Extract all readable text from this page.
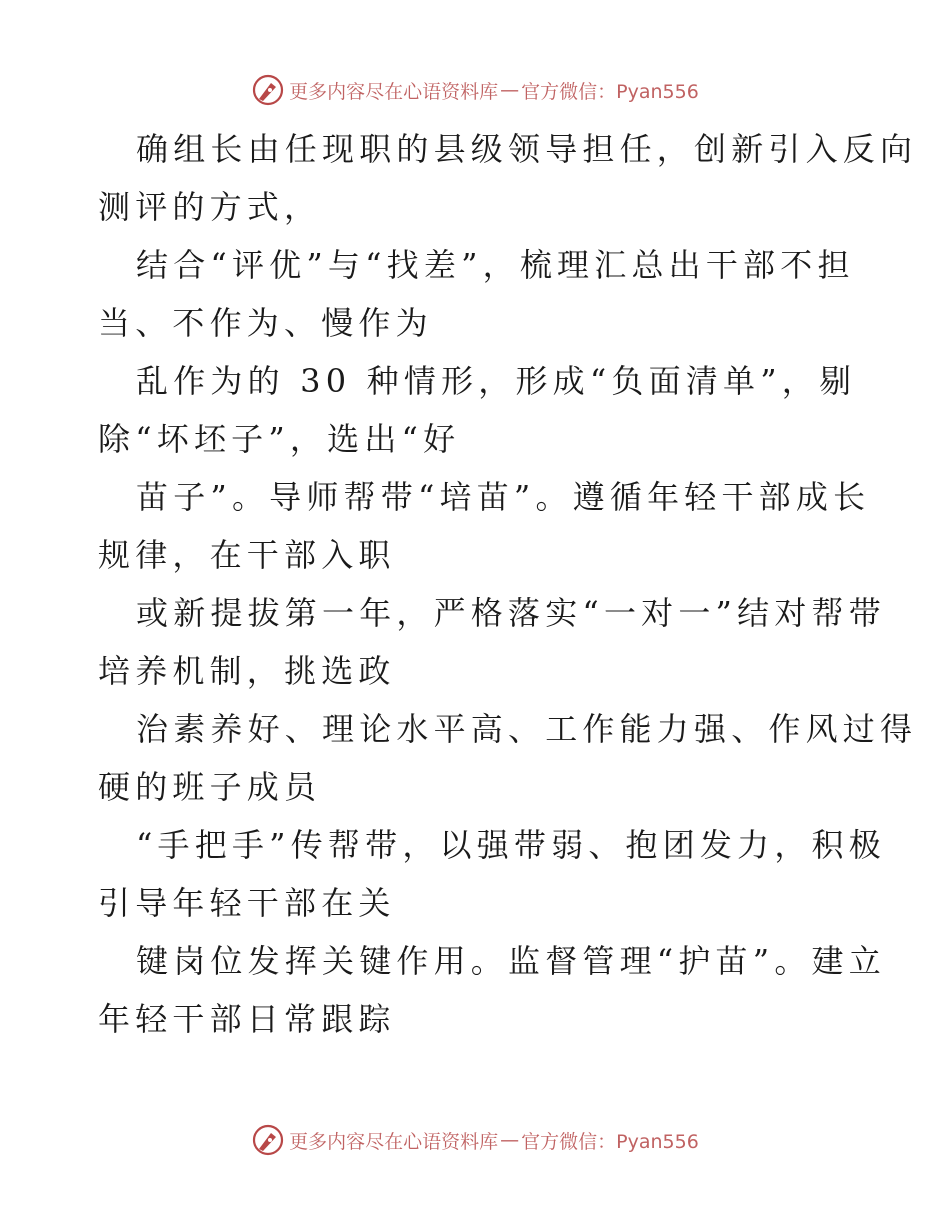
更多内容尽在心语资料库 — 官方微信：Pyan556
确组长由任现职的县级领导担任，创新引入反向
测评的方式，
结合“评优”与“找差”，梳理汇总出干部不担
当、不作为、慢作为
乱作为的 30 种情形，形成“负面清单”，剔
除“坏坯子”，选出“好
苗子”。导师帮带“培苗”。遵循年轻干部成长
规律，在干部入职
或新提拔第一年，严格落实“一对一”结对帮带
培养机制，挑选政
治素养好、理论水平高、工作能力强、作风过得
硬的班子成员
“手把手”传帮带，以强带弱、抱团发力，积极
引导年轻干部在关
键岗位发挥关键作用。监督管理“护苗”。建立
年轻干部日常跟踪
更多内容尽在心语资料库 — 官方微信：Pyan556
